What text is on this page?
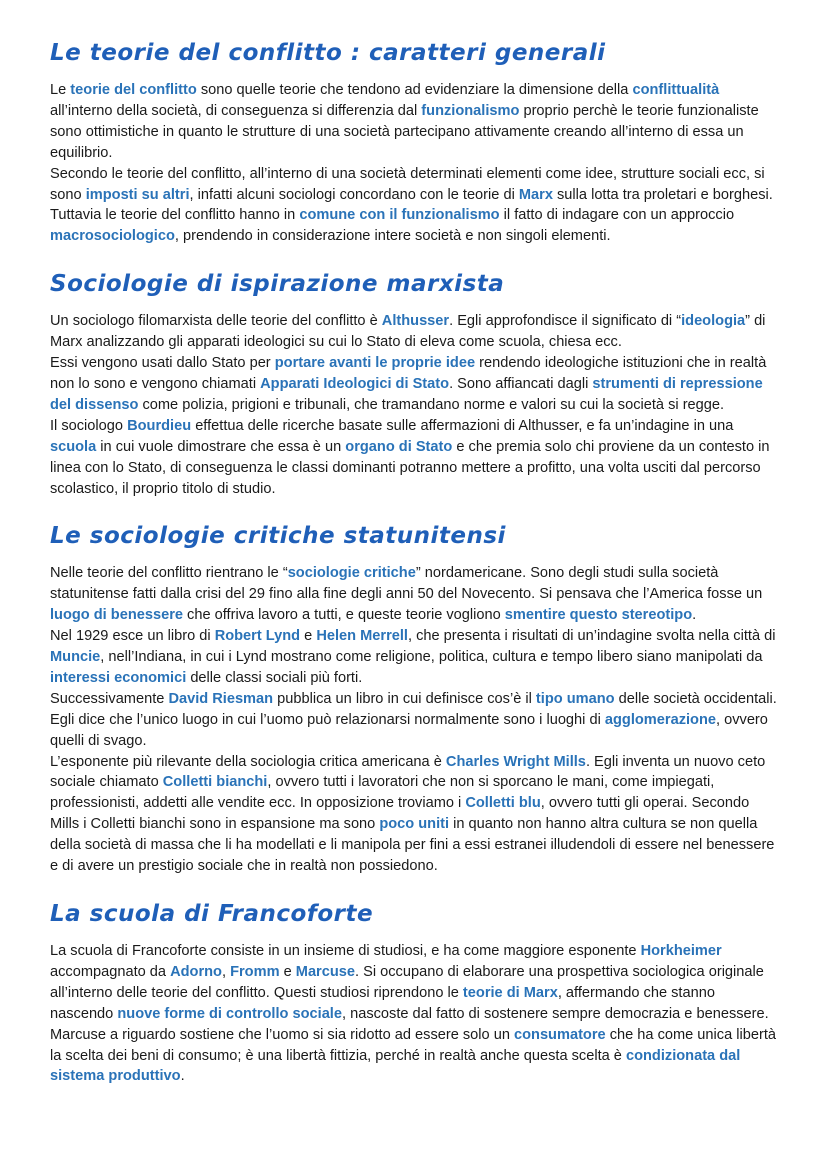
Le teorie del conflitto : caratteri generali

Le teorie del conflitto sono quelle teorie che tendono ad evidenziare la dimensione della conflittualità all’interno della società, di conseguenza si differenzia dal funzionalismo proprio perchè le teorie funzionaliste sono ottimistiche in quanto le strutture di una società partecipano attivamente creando all’interno di essa un equilibrio.

Secondo le teorie del conflitto, all’interno di una società determinati elementi come idee, strutture sociali ecc, si sono imposti su altri, infatti alcuni sociologi concordano con le teorie di Marx sulla lotta tra proletari e borghesi.

Tuttavia le teorie del conflitto hanno in comune con il funzionalismo il fatto di indagare con un approccio macrosociologico, prendendo in considerazione intere società e non singoli elementi.

Sociologie di ispirazione marxista

Un sociologo filomarxista delle teorie del conflitto è Althusser. Egli approfondisce il significato di “ideologia” di Marx analizzando gli apparati ideologici su cui lo Stato di eleva come scuola, chiesa ecc.

Essi vengono usati dallo Stato per portare avanti le proprie idee rendendo ideologiche istituzioni che in realtà non lo sono e vengono chiamati Apparati Ideologici di Stato. Sono affiancati dagli strumenti di repressione del dissenso come polizia, prigioni e tribunali, che tramandano norme e valori su cui la società si regge.

Il sociologo Bourdieu effettua delle ricerche basate sulle affermazioni di Althusser, e fa un’indagine in una scuola in cui vuole dimostrare che essa è un organo di Stato e che premia solo chi proviene da un contesto in linea con lo Stato, di conseguenza le classi dominanti potranno mettere a profitto, una volta usciti dal percorso scolastico, il proprio titolo di studio.

Le sociologie critiche statunitensi

Nelle teorie del conflitto rientrano le “sociologie critiche” nordamericane. Sono degli studi sulla società statunitense fatti dalla crisi del 29 fino alla fine degli anni 50 del Novecento. Si pensava che l’America fosse un luogo di benessere che offriva lavoro a tutti, e queste teorie vogliono smentire questo stereotipo.

Nel 1929 esce un libro di Robert Lynd e Helen Merrell, che presenta i risultati di un’indagine svolta nella città di Muncie, nell’Indiana, in cui i Lynd mostrano come religione, politica, cultura e tempo libero siano manipolati da interessi economici delle classi sociali più forti.

Successivamente David Riesman pubblica un libro in cui definisce cos’è il tipo umano delle società occidentali. Egli dice che l’unico luogo in cui l’uomo può relazionarsi normalmente sono i luoghi di agglomerazione, ovvero quelli di svago.

L’esponente più rilevante della sociologia critica americana è Charles Wright Mills. Egli inventa un nuovo ceto sociale chiamato Colletti bianchi, ovvero tutti i lavoratori che non si sporcano le mani, come impiegati, professionisti, addetti alle vendite ecc. In opposizione troviamo i Colletti blu, ovvero tutti gli operai. Secondo Mills i Colletti bianchi sono in espansione ma sono poco uniti in quanto non hanno altra cultura se non quella della società di massa che li ha modellati e li manipola per fini a essi estranei illudendoli di essere nel benessere e di avere un prestigio sociale che in realtà non possiedono.

La scuola di Francoforte

La scuola di Francoforte consiste in un insieme di studiosi, e ha come maggiore esponente Horkheimer accompagnato da Adorno, Fromm e Marcuse. Si occupano di elaborare una prospettiva sociologica originale all’interno delle teorie del conflitto. Questi studiosi riprendono le teorie di Marx, affermando che stanno nascendo nuove forme di controllo sociale, nascoste dal fatto di sostenere sempre democrazia e benessere. Marcuse a riguardo sostiene che l’uomo si sia ridotto ad essere solo un consumatore che ha come unica libertà la scelta dei beni di consumo; è una libertà fittizia, perché in realtà anche questa scelta è condizionata dal sistema produttivo.
